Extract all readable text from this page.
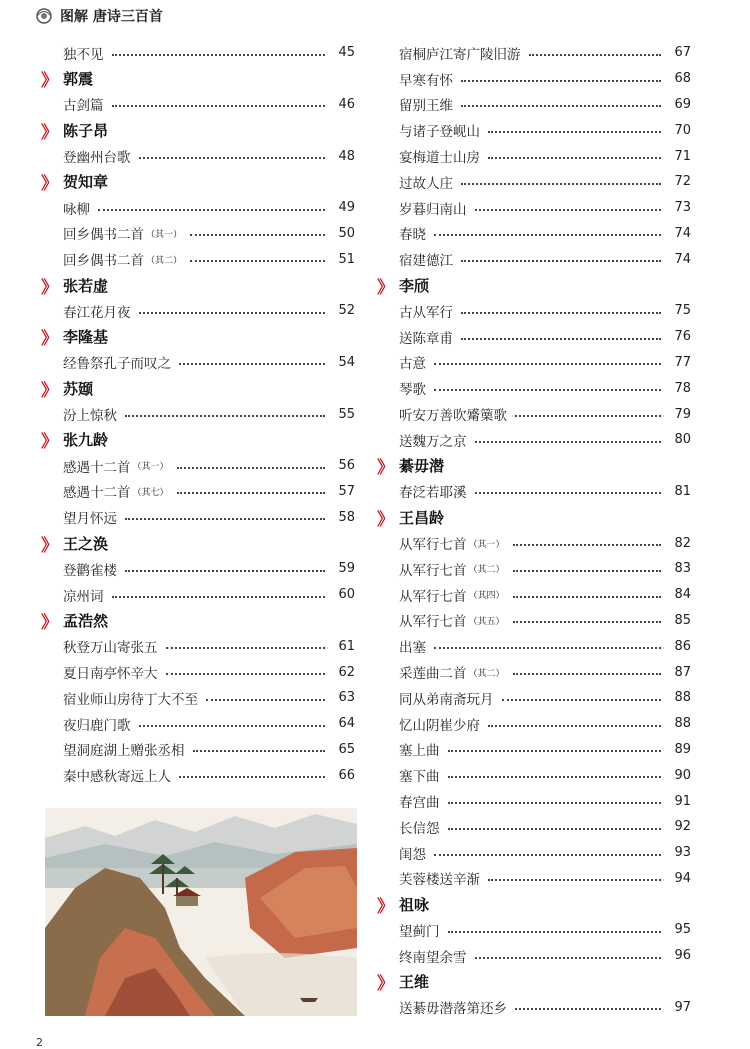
图解 唐诗三百首
独不见	45
》 郭震
古剑篇	46
》 陈子昂
登幽州台歌	48
》 贺知章
咏柳	49
回乡偶书二首 （其一）	50
回乡偶书二首 （其二）	51
》 张若虚
春江花月夜	52
》 李隆基
经鲁祭孔子而叹之	54
》 苏颋
汾上惊秋	55
》 张九龄
感遇十二首 （其一）	56
感遇十二首 （其七）	57
望月怀远	58
》 王之涣
登鹳雀楼	59
凉州词	60
》 孟浩然
秋登万山寄张五	61
夏日南亭怀辛大	62
宿业师山房待丁大不至	63
夜归鹿门歌	64
望洞庭湖上赠张丞相	65
秦中感秋寄远上人	66
宿桐庐江寄广陵旧游	67
早寒有怀	68
留别王维	69
与诸子登岘山	70
宴梅道士山房	71
过故人庄	72
岁暮归南山	73
春晓	74
宿建德江	74
》 李颀
古从军行	75
送陈章甫	76
古意	77
琴歌	78
听安万善吹觱篥歌	79
送魏万之京	80
》 綦毋潜
春泛若耶溪	81
》 王昌龄
从军行七首 （其一）	82
从军行七首 （其二）	83
从军行七首 （其四）	84
从军行七首 （其五）	85
出塞	86
采莲曲二首 （其二）	87
同从弟南斋玩月	88
忆山阴崔少府	88
塞上曲	89
塞下曲	90
春宫曲	91
长信怨	92
闺怨	93
芙蓉楼送辛渐	94
》 祖咏
望蓟门	95
终南望余雪	96
》 王维
送綦毋潜落第还乡	97
2
